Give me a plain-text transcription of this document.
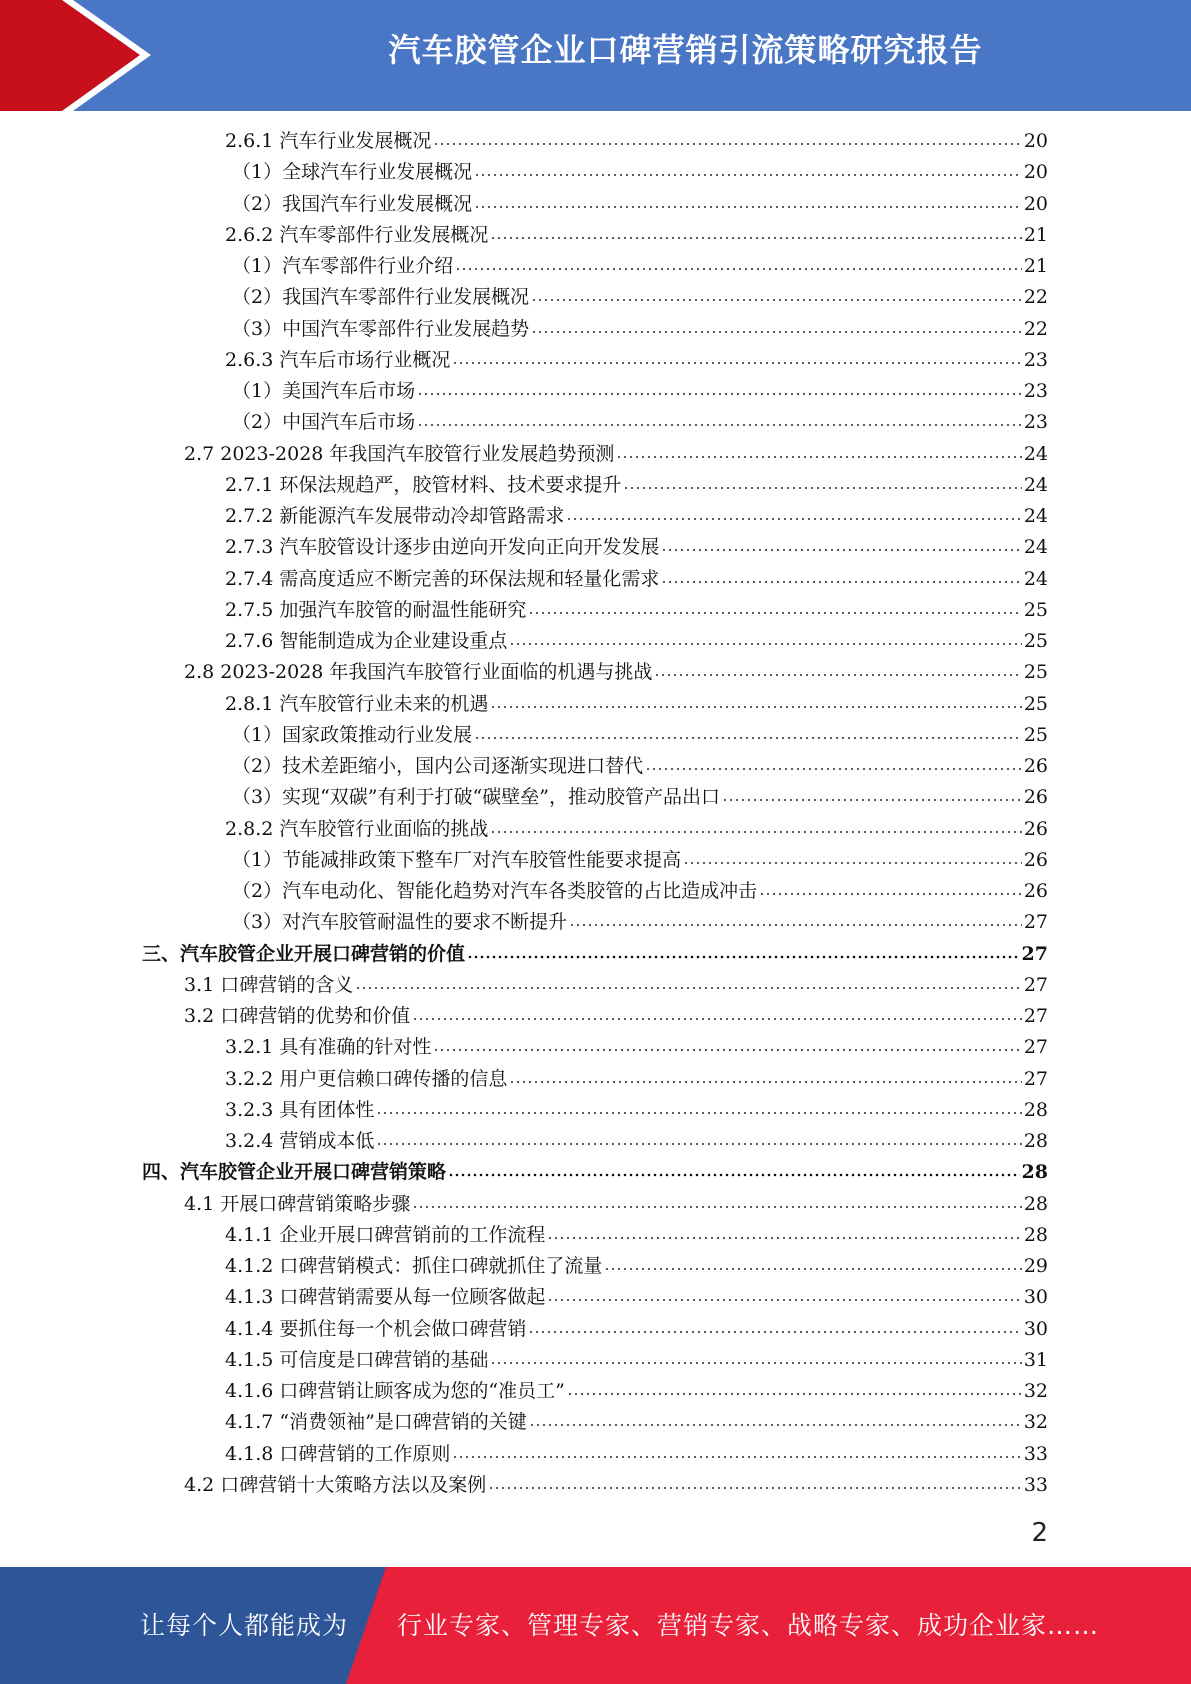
汽车胶管企业口碑营销引流策略研究报告
2.6.1 汽车行业发展概况	20
（1）全球汽车行业发展概况	20
（2）我国汽车行业发展概况	20
2.6.2 汽车零部件行业发展概况	21
（1）汽车零部件行业介绍	21
（2）我国汽车零部件行业发展概况	22
（3）中国汽车零部件行业发展趋势	22
2.6.3 汽车后市场行业概况	23
（1）美国汽车后市场	23
（2）中国汽车后市场	23
2.7 2023-2028 年我国汽车胶管行业发展趋势预测	24
2.7.1 环保法规趋严，胶管材料、技术要求提升	24
2.7.2 新能源汽车发展带动冷却管路需求	24
2.7.3 汽车胶管设计逐步由逆向开发向正向开发发展	24
2.7.4 需高度适应不断完善的环保法规和轻量化需求	24
2.7.5 加强汽车胶管的耐温性能研究	25
2.7.6 智能制造成为企业建设重点	25
2.8 2023-2028 年我国汽车胶管行业面临的机遇与挑战	25
2.8.1 汽车胶管行业未来的机遇	25
（1）国家政策推动行业发展	25
（2）技术差距缩小，国内公司逐渐实现进口替代	26
（3）实现“双碳”有利于打破“碳壁垒”，推动胶管产品出口	26
2.8.2 汽车胶管行业面临的挑战	26
（1）节能减排政策下整车厂对汽车胶管性能要求提高	26
（2）汽车电动化、智能化趋势对汽车各类胶管的占比造成冲击	26
（3）对汽车胶管耐温性的要求不断提升	27
三、汽车胶管企业开展口碑营销的价值	27
3.1 口碑营销的含义	27
3.2 口碑营销的优势和价值	27
3.2.1 具有准确的针对性	27
3.2.2 用户更信赖口碑传播的信息	27
3.2.3 具有团体性	28
3.2.4 营销成本低	28
四、汽车胶管企业开展口碑营销策略	28
4.1 开展口碑营销策略步骤	28
4.1.1 企业开展口碑营销前的工作流程	28
4.1.2 口碑营销模式：抓住口碑就抓住了流量	29
4.1.3 口碑营销需要从每一位顾客做起	30
4.1.4 要抓住每一个机会做口碑营销	30
4.1.5 可信度是口碑营销的基础	31
4.1.6 口碑营销让顾客成为您的“准员工”	32
4.1.7 “消费领袖”是口碑营销的关键	32
4.1.8 口碑营销的工作原则	33
4.2 口碑营销十大策略方法以及案例	33
2
让每个人都能成为 行业专家、管理专家、营销专家、战略专家、成功企业家……
